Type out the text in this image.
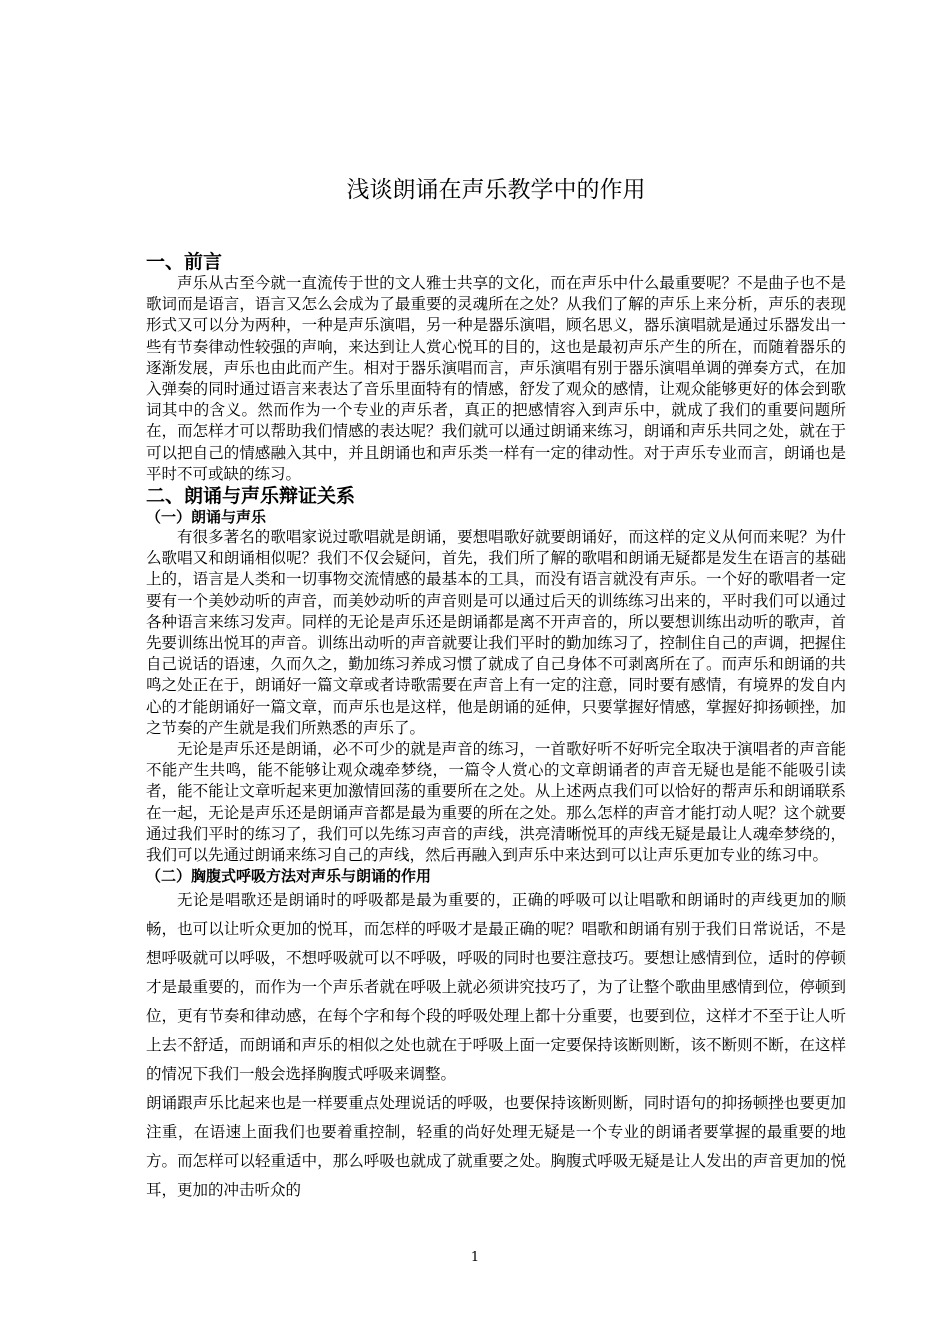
浅谈朗诵在声乐教学中的作用
一、前言

声乐从古至今就一直流传于世的文人雅士共享的文化，而在声乐中什么最重要呢？不是曲子也不是歌词而是语言，语言又怎么会成为了最重要的灵魂所在之处？从我们了解的声乐上来分析，声乐的表现形式又可以分为两种，一种是声乐演唱，另一种是器乐演唱，顾名思义，器乐演唱就是通过乐器发出一些有节奏律动性较强的声响，来达到让人赏心悦耳的目的，这也是最初声乐产生的所在，而随着器乐的逐渐发展，声乐也由此而产生。相对于器乐演唱而言，声乐演唱有别于器乐演唱单调的弹奏方式，在加入弹奏的同时通过语言来表达了音乐里面特有的情感，舒发了观众的感情，让观众能够更好的体会到歌词其中的含义。然而作为一个专业的声乐者，真正的把感情容入到声乐中，就成了我们的重要问题所在，而怎样才可以帮助我们情感的表达呢？我们就可以通过朗诵来练习，朗诵和声乐共同之处，就在于可以把自己的情感融入其中，并且朗诵也和声乐类一样有一定的律动性。对于声乐专业而言，朗诵也是平时不可或缺的练习。

二、朗诵与声乐辩证关系
（一）朗诵与声乐

有很多著名的歌唱家说过歌唱就是朗诵，要想唱歌好就要朗诵好，而这样的定义从何而来呢？为什么歌唱又和朗诵相似呢？我们不仅会疑问，首先，我们所了解的歌唱和朗诵无疑都是发生在语言的基础上的，语言是人类和一切事物交流情感的最基本的工具，而没有语言就没有声乐。一个好的歌唱者一定要有一个美妙动听的声音，而美妙动听的声音则是可以通过后天的训练练习出来的，平时我们可以通过各种语言来练习发声。同样的无论是声乐还是朗诵都是离不开声音的，所以要想训练出动听的歌声，首先要训练出悦耳的声音。训练出动听的声音就要让我们平时的勤加练习了，控制住自己的声调，把握住自己说话的语速，久而久之，勤加练习养成习惯了就成了自己身体不可剥离所在了。而声乐和朗诵的共鸣之处正在于，朗诵好一篇文章或者诗歌需要在声音上有一定的注意，同时要有感情，有境界的发自内心的才能朗诵好一篇文章，而声乐也是这样，他是朗诵的延伸，只要掌握好情感，掌握好抑扬顿挫，加之节奏的产生就是我们所熟悉的声乐了。

无论是声乐还是朗诵，必不可少的就是声音的练习，一首歌好听不好听完全取决于演唱者的声音能不能产生共鸣，能不能够让观众魂牵梦绕，一篇令人赏心的文章朗诵者的声音无疑也是能不能吸引读者，能不能让文章听起来更加激情回荡的重要所在之处。从上述两点我们可以恰好的帮声乐和朗诵联系在一起，无论是声乐还是朗诵声音都是最为重要的所在之处。那么怎样的声音才能打动人呢？这个就要通过我们平时的练习了，我们可以先练习声音的声线，洪亮清晰悦耳的声线无疑是最让人魂牵梦绕的，我们可以先通过朗诵来练习自己的声线，然后再融入到声乐中来达到可以让声乐更加专业的练习中。

（二）胸腹式呼吸方法对声乐与朗诵的作用

无论是唱歌还是朗诵时的呼吸都是最为重要的，正确的呼吸可以让唱歌和朗诵时的声线更加的顺畅，也可以让听众更加的悦耳，而怎样的呼吸才是最正确的呢？唱歌和朗诵有别于我们日常说话，不是想呼吸就可以呼吸，不想呼吸就可以不呼吸，呼吸的同时也要注意技巧。要想让感情到位，适时的停顿才是最重要的，而作为一个声乐者就在呼吸上就必须讲究技巧了，为了让整个歌曲里感情到位，停顿到位，更有节奏和律动感，在每个字和每个段的呼吸处理上都十分重要，也要到位，这样才不至于让人听上去不舒适，而朗诵和声乐的相似之处也就在于呼吸上面一定要保持该断则断，该不断则不断，在这样的情况下我们一般会选择胸腹式呼吸来调整。

朗诵跟声乐比起来也是一样要重点处理说话的呼吸，也要保持该断则断，同时语句的抑扬顿挫也要更加注重，在语速上面我们也要着重控制，轻重的尚好处理无疑是一个专业的朗诵者要掌握的最重要的地方。而怎样可以轻重适中，那么呼吸也就成了就重要之处。胸腹式呼吸无疑是让人发出的声音更加的悦耳，更加的冲击听众的

1
